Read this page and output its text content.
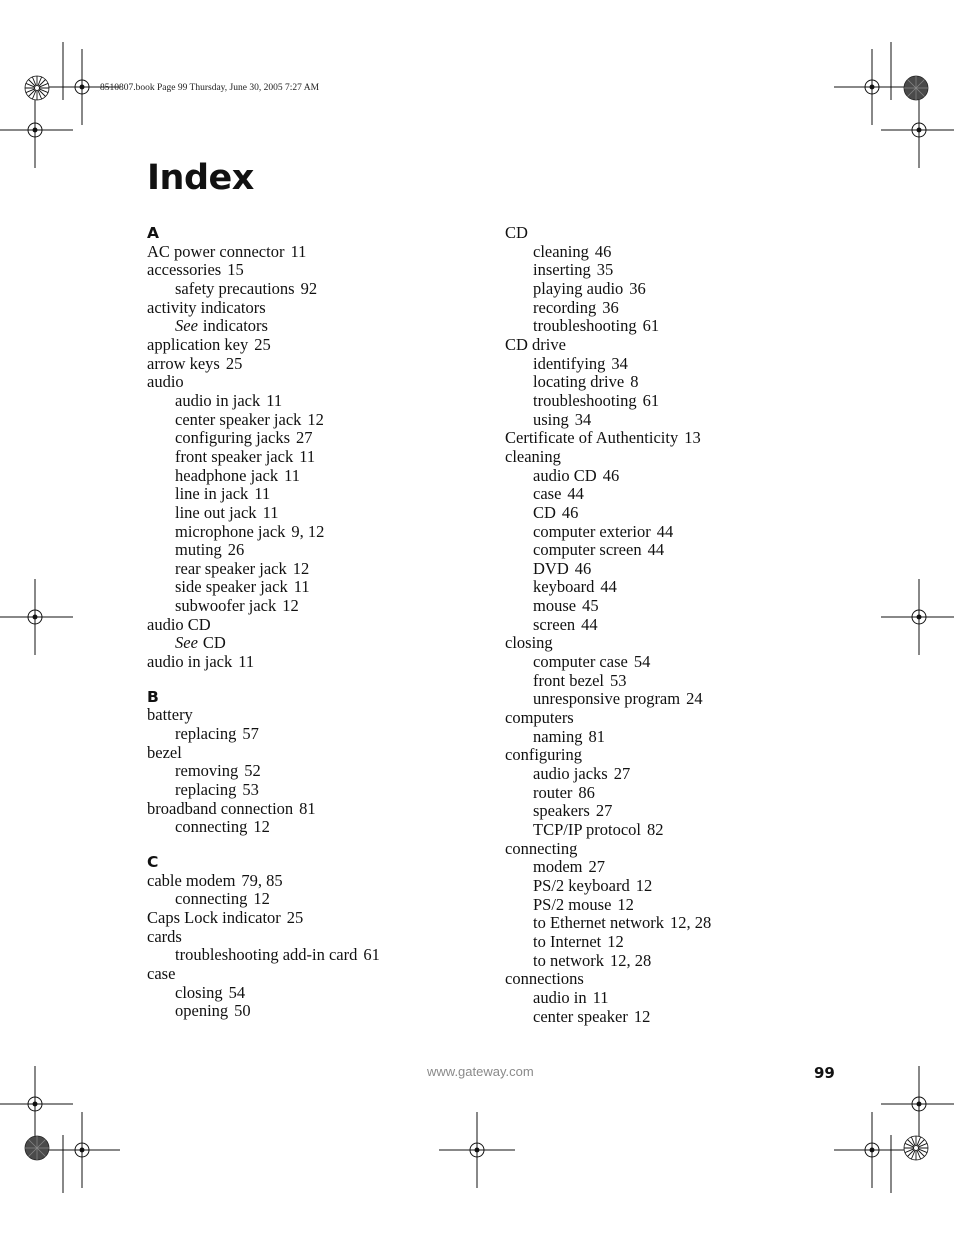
8510807.book Page 99 Thursday, June 30, 2005 7:27 AM
Index
A
AC power connector 11
accessories 15
safety precautions 92
activity indicators
See indicators
application key 25
arrow keys 25
audio
audio in jack 11
center speaker jack 12
configuring jacks 27
front speaker jack 11
headphone jack 11
line in jack 11
line out jack 11
microphone jack 9, 12
muting 26
rear speaker jack 12
side speaker jack 11
subwoofer jack 12
audio CD
See CD
audio in jack 11
B
battery
replacing 57
bezel
removing 52
replacing 53
broadband connection 81
connecting 12
C
cable modem 79, 85
connecting 12
Caps Lock indicator 25
cards
troubleshooting add-in card 61
case
closing 54
opening 50
CD
cleaning 46
inserting 35
playing audio 36
recording 36
troubleshooting 61
CD drive
identifying 34
locating drive 8
troubleshooting 61
using 34
Certificate of Authenticity 13
cleaning
audio CD 46
case 44
CD 46
computer exterior 44
computer screen 44
DVD 46
keyboard 44
mouse 45
screen 44
closing
computer case 54
front bezel 53
unresponsive program 24
computers
naming 81
configuring
audio jacks 27
router 86
speakers 27
TCP/IP protocol 82
connecting
modem 27
PS/2 keyboard 12
PS/2 mouse 12
to Ethernet network 12, 28
to Internet 12
to network 12, 28
connections
audio in 11
center speaker 12
www.gateway.com	99
